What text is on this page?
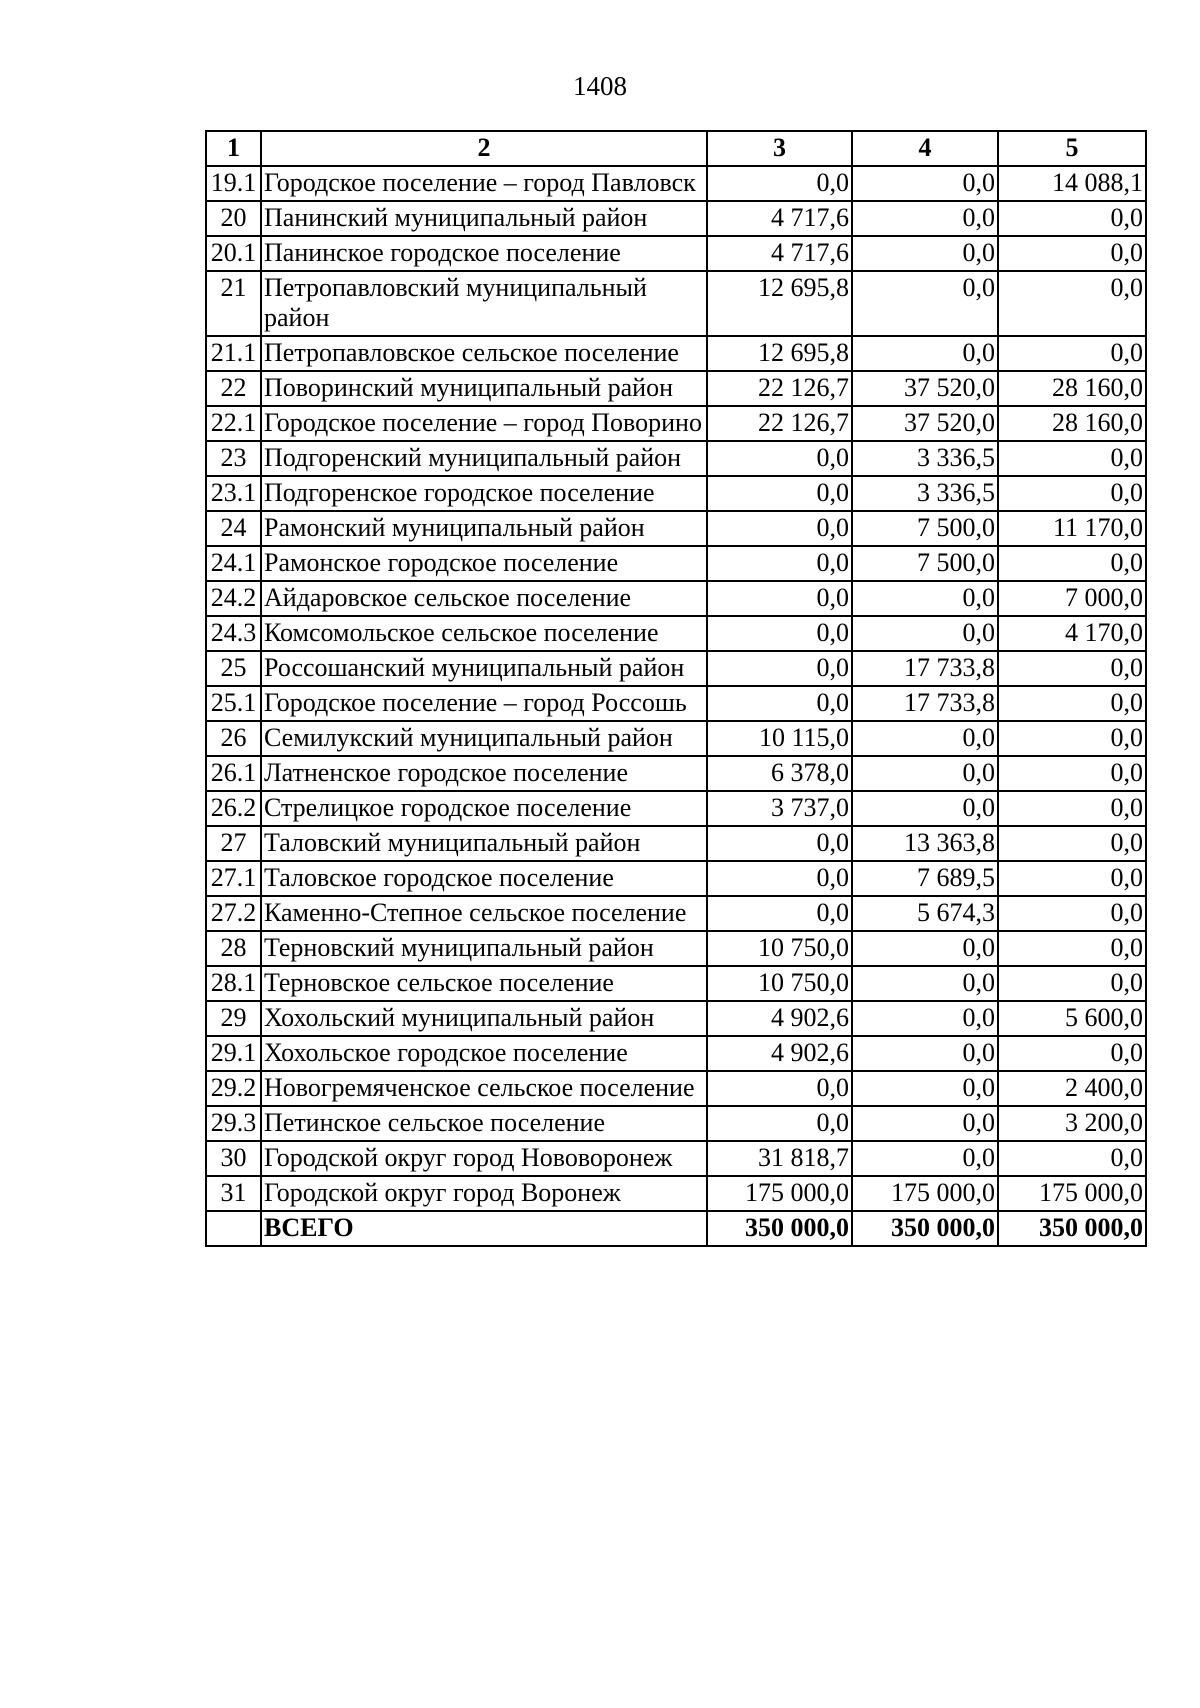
1408
1	2	3	4	5
19.1	Городское поселение – город Павловск	0,0	0,0	14 088,1
20	Панинский муниципальный район	4 717,6	0,0	0,0
20.1	Панинское городское поселение	4 717,6	0,0	0,0
21	Петропавловский муниципальный район	12 695,8	0,0	0,0
21.1	Петропавловское сельское поселение	12 695,8	0,0	0,0
22	Поворинский муниципальный район	22 126,7	37 520,0	28 160,0
22.1	Городское поселение – город Поворино	22 126,7	37 520,0	28 160,0
23	Подгоренский муниципальный район	0,0	3 336,5	0,0
23.1	Подгоренское городское поселение	0,0	3 336,5	0,0
24	Рамонский муниципальный район	0,0	7 500,0	11 170,0
24.1	Рамонское городское поселение	0,0	7 500,0	0,0
24.2	Айдаровское сельское поселение	0,0	0,0	7 000,0
24.3	Комсомольское сельское поселение	0,0	0,0	4 170,0
25	Россошанский муниципальный район	0,0	17 733,8	0,0
25.1	Городское поселение – город Россошь	0,0	17 733,8	0,0
26	Семилукский муниципальный район	10 115,0	0,0	0,0
26.1	Латненское городское поселение	6 378,0	0,0	0,0
26.2	Стрелицкое городское поселение	3 737,0	0,0	0,0
27	Таловский муниципальный район	0,0	13 363,8	0,0
27.1	Таловское городское поселение	0,0	7 689,5	0,0
27.2	Каменно-Степное сельское поселение	0,0	5 674,3	0,0
28	Терновский муниципальный район	10 750,0	0,0	0,0
28.1	Терновское сельское поселение	10 750,0	0,0	0,0
29	Хохольский муниципальный район	4 902,6	0,0	5 600,0
29.1	Хохольское городское поселение	4 902,6	0,0	0,0
29.2	Новогремяченское сельское поселение	0,0	0,0	2 400,0
29.3	Петинское сельское поселение	0,0	0,0	3 200,0
30	Городской округ город Нововоронеж	31 818,7	0,0	0,0
31	Городской округ город Воронеж	175 000,0	175 000,0	175 000,0
	ВСЕГО	350 000,0	350 000,0	350 000,0
